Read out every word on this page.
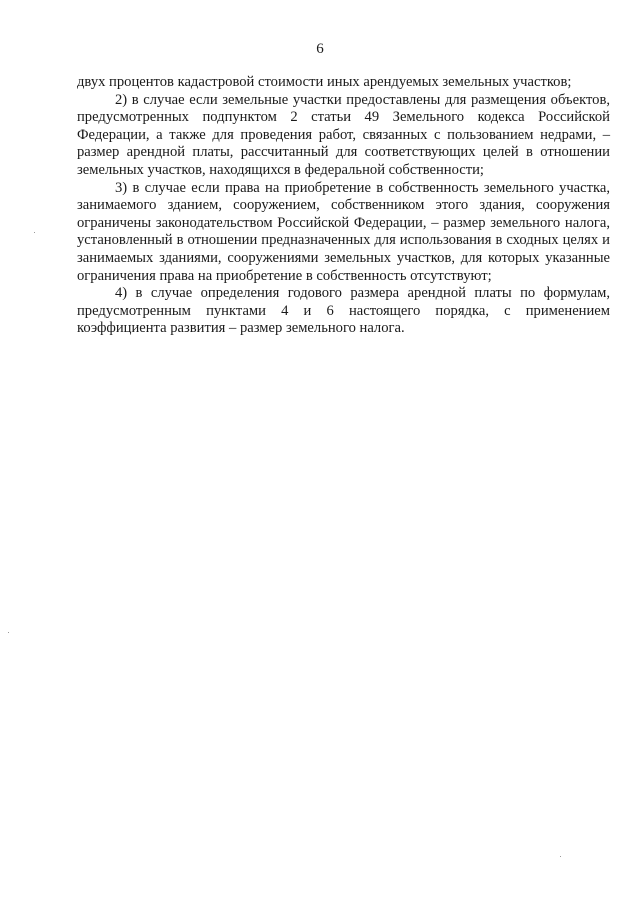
6

двух процентов кадастровой стоимости иных арендуемых земельных участков;

2) в случае если земельные участки предоставлены для размещения объектов, предусмотренных подпунктом 2 статьи 49 Земельного кодекса Российской Федерации, а также для проведения работ, связанных с пользованием недрами, – размер арендной платы, рассчитанный для соответствующих целей в отношении земельных участков, находящихся в федеральной собственности;

3) в случае если права на приобретение в собственность земельного участка, занимаемого зданием, сооружением, собственником этого здания, сооружения ограничены законодательством Российской Федерации, – размер земельного налога, установленный в отношении предназначенных для использования в сходных целях и занимаемых зданиями, сооружениями земельных участков, для которых указанные ограничения права на приобретение в собственность отсутствуют;

4) в случае определения годового размера арендной платы по формулам, предусмотренным пунктами 4 и 6 настоящего порядка, с применением коэффициента развития – размер земельного налога.
